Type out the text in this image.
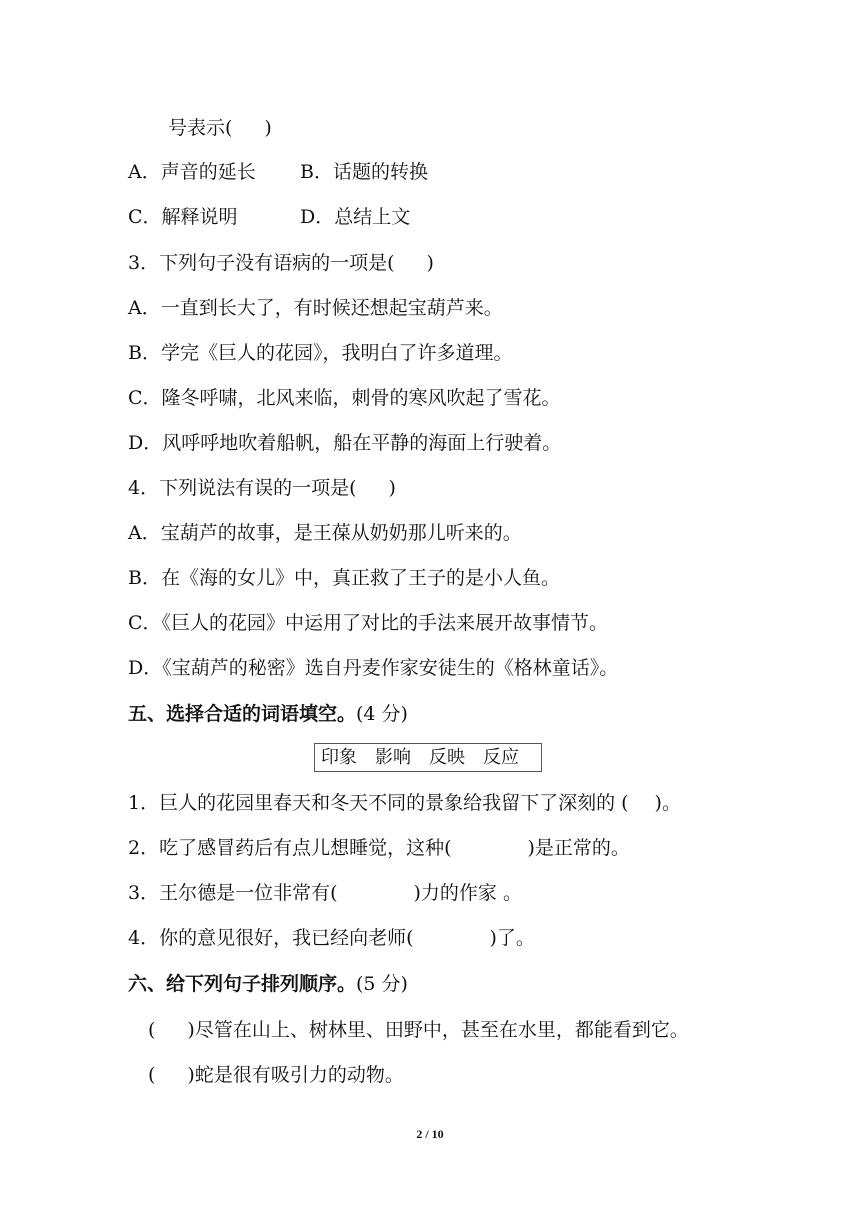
号表示( )
A．声音的延长 B．话题的转换
C．解释说明	D．总结上文
3．下列句子没有语病的一项是( )
A．一直到长大了，有时候还想起宝葫芦来。
B．学完《巨人的花园》，我明白了许多道理。
C．隆冬呼啸，北风来临，刺骨的寒风吹起了雪花。
D．风呼呼地吹着船帆，船在平静的海面上行驶着。
4．下列说法有误的一项是( )
A．宝葫芦的故事，是王葆从奶奶那儿听来的。
B．在《海的女儿》中，真正救了王子的是小人鱼。
C．《巨人的花园》中运用了对比的手法来展开故事情节。
D．《宝葫芦的秘密》选自丹麦作家安徒生的《格林童话》。
五、选择合适的词语填空。(4 分)
印象 影响 反映 反应
1．巨人的花园里春天和冬天不同的景象给我留下了深刻的 ( )。
2．吃了感冒药后有点儿想睡觉，这种(	)是正常的。
3．王尔德是一位非常有(	)力的作家 。
4．你的意见很好，我已经向老师(	)了。
六、给下列句子排列顺序。(5 分)
( )尽管在山上、树林里、田野中，甚至在水里，都能看到它。
( )蛇是很有吸引力的动物。
2 / 10
